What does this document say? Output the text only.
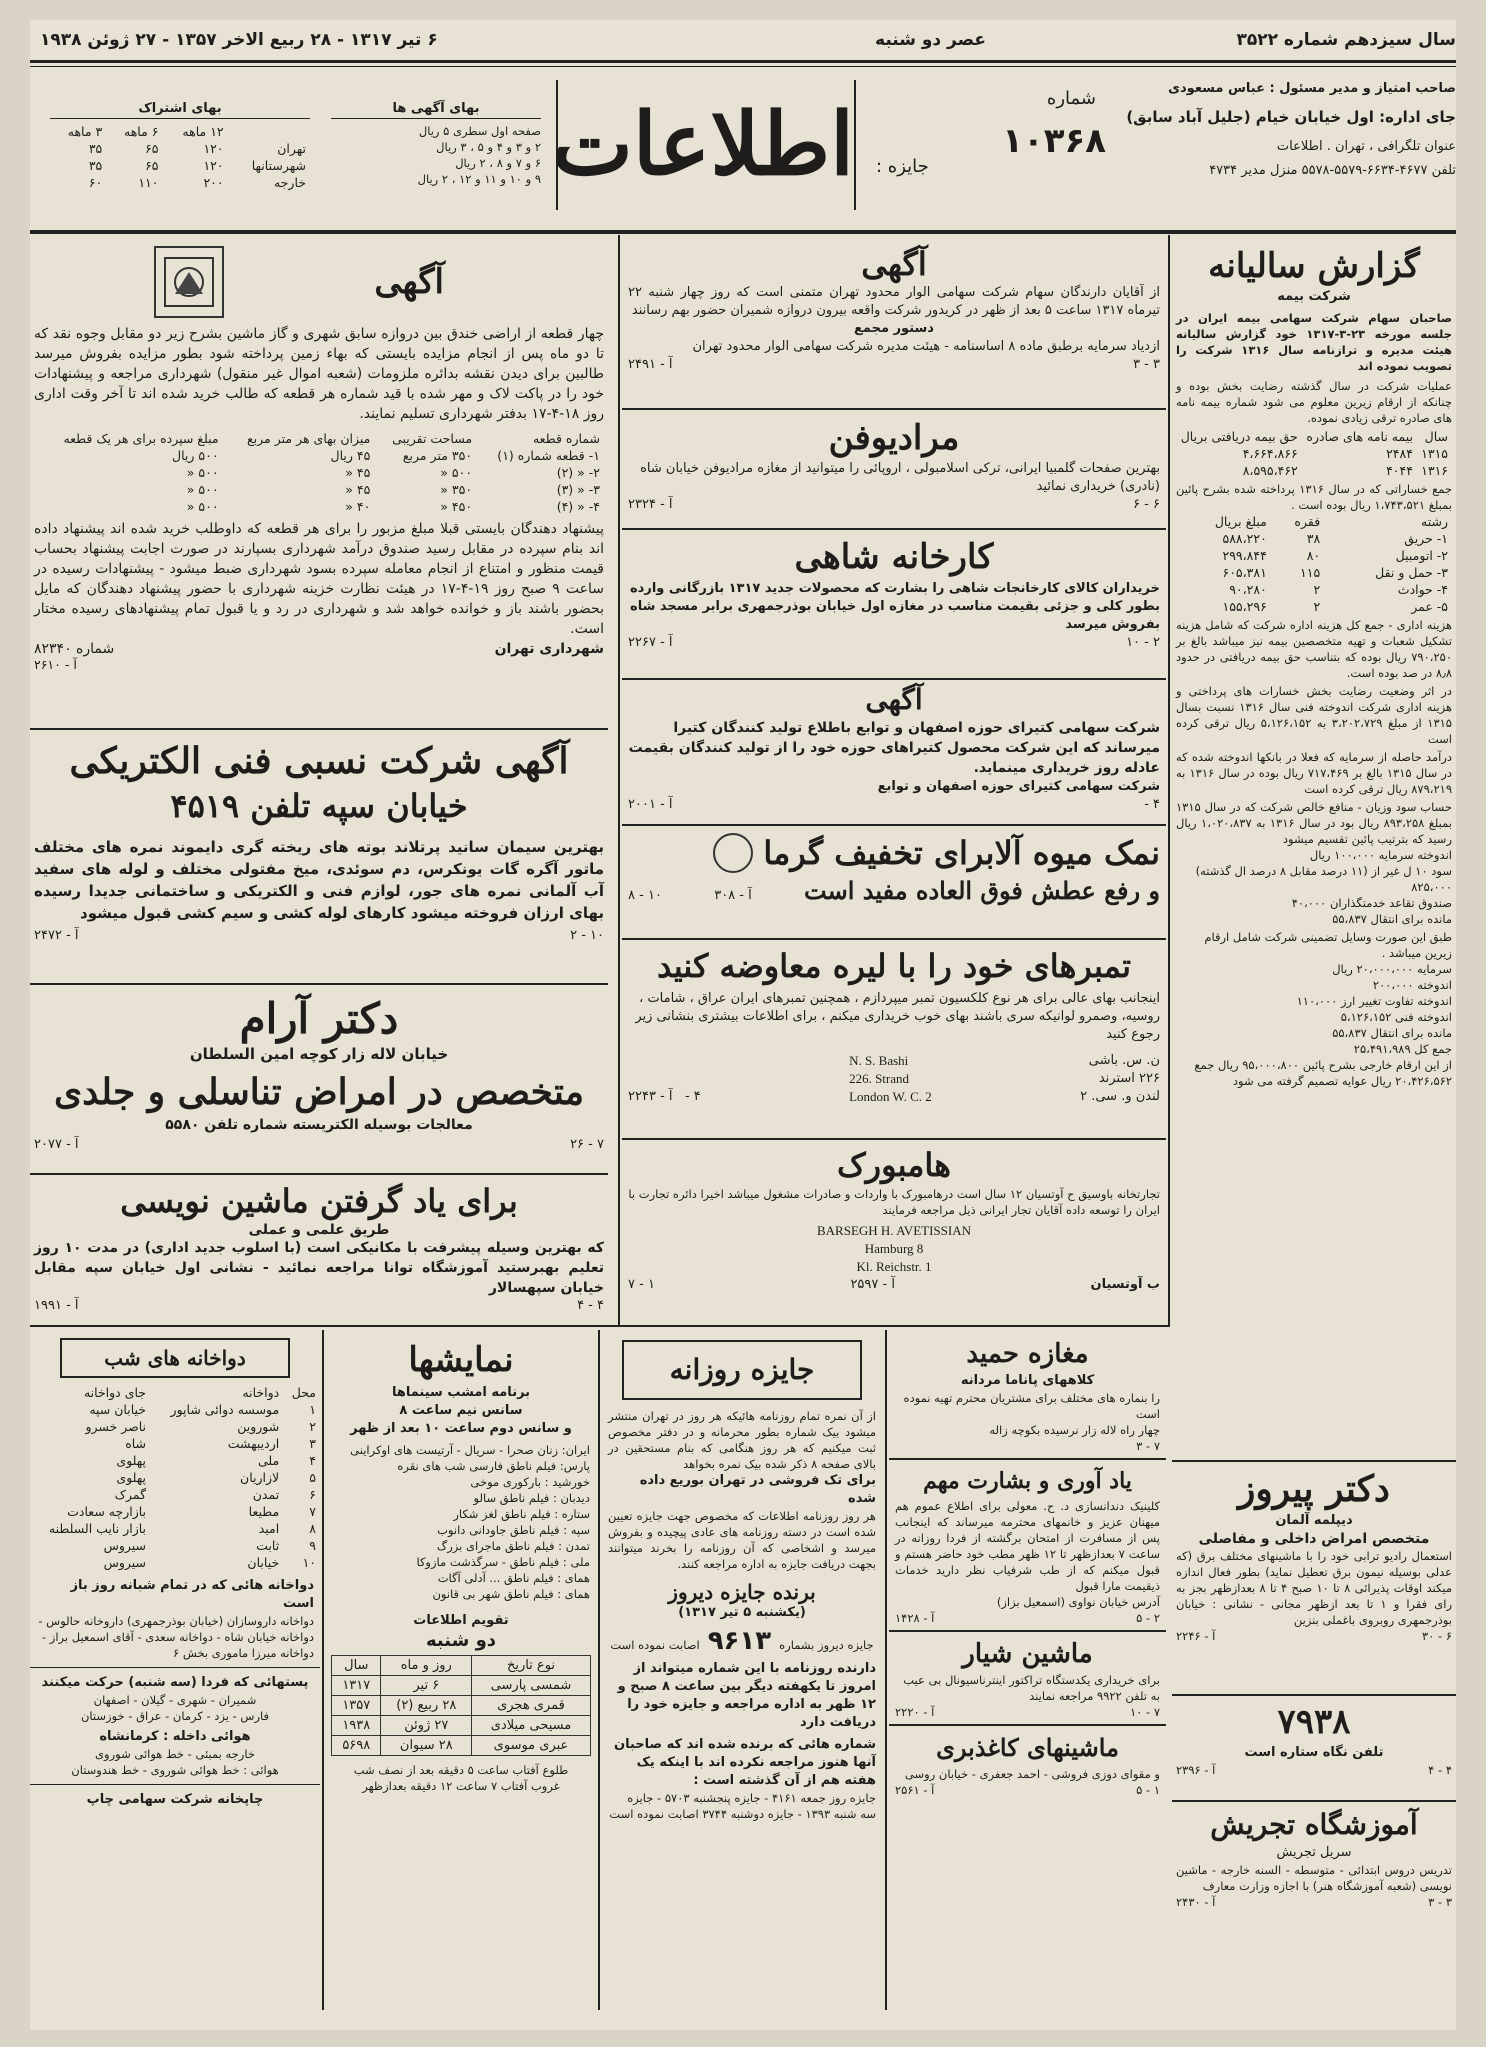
سال سیزدهم شماره ۳۵۲۲
عصر دو شنبه
۶ تیر ۱۳۱۷ - ۲۸ ربیع الاخر ۱۳۵۷ - ۲۷ ژوئن ۱۹۳۸
صاحب امتیاز و مدیر مسئول : عباس مسعودی
جای اداره: اول خیابان خیام (جلیل آباد سابق)
عنوان تلگرافی ، تهران . اطلاعات
تلفن ۴۶۷۷-۶۶۳۴-۵۵۷۹-۵۵۷۸ منزل مدیر ۴۷۳۴
شماره
۱۰۳۶۸
جایزه :
اطلاعات
بهای آگهی ها
صفحه اول سطری ۵ ریال
۲ و ۳ و ۴ و ۵ ، ۳ ریال
۶ و ۷ و ۸ ، ۲ ریال
۹ و ۱۰ و ۱۱ و ۱۲ ، ۲ ریال
بهای اشتراک
	۱۲ ماهه	۶ ماهه	۳ ماهه
تهران	۱۲۰	۶۵	۳۵
شهرستانها	۱۲۰	۶۵	۳۵
خارجه	۲۰۰	۱۱۰	۶۰
آگهی
چهار قطعه از اراضی خندق بین دروازه سابق شهری و گاز ماشین بشرح زیر دو مقابل وجوه نقد که تا دو ماه پس از انجام مزایده بایستی که بهاء زمین پرداخته شود بطور مزایده بفروش میرسد طالبین برای دیدن نقشه بدائره ملزومات (شعبه اموال غیر منقول) شهرداری مراجعه و پیشنهادات خود را در پاکت لاک و مهر شده با قید شماره هر قطعه که طالب خرید شده اند تا آخر وقت اداری روز ۱۸-۴-۱۷ بدفتر شهرداری تسلیم نمایند.
شماره قطعه	مساحت تقریبی	میزان بهای هر متر مربع	مبلغ سپرده برای هر یک قطعه
۱- قطعه شماره (۱)	۳۵۰ متر مربع	۴۵ ریال	۵۰۰ ریال
۲- « (۲)	۵۰۰ «	۴۵ «	۵۰۰ «
۳- « (۳)	۳۵۰ «	۴۵ «	۵۰۰ «
۴- « (۴)	۴۵۰ «	۴۰ «	۵۰۰ «
پیشنهاد دهندگان بایستی قبلا مبلغ مزبور را برای هر قطعه که داوطلب خرید شده اند پیشنهاد داده اند بنام سپرده در مقابل رسید صندوق درآمد شهرداری بسپارند در صورت اجابت پیشنهاد بحساب قیمت منظور و امتناع از انجام معامله سپرده بسود شهرداری ضبط میشود - پیشنهادات رسیده در ساعت ۹ صبح روز ۱۹-۴-۱۷ در هیئت نظارت خزینه شهرداری با حضور پیشنهاد دهندگان که مایل بحضور باشند باز و خوانده خواهد شد و شهرداری در رد و یا قبول تمام پیشنهادهای رسیده مختار است.
شهرداری تهران
شماره ۸۲۳۴۰
آ - ۲۶۱۰
آگهی شرکت نسبی فنی الکتریکی
خیابان سپه تلفن ۴۵۱۹
بهترین سیمان سانید پرتلاند بوته های ریخته گری دایموند نمره های مختلف ماتور آگره گات یونکرس، دم سوئدی، میخ مفتولی مختلف و لوله های سفید آب آلمانی نمره های جور، لوازم فنی و الکتریکی و ساختمانی جدیدا رسیده بهای ارزان فروخته میشود کارهای لوله کشی و سیم کشی قبول میشود
۱۰ - ۲
آ - ۲۴۷۲
دکتر آرام
خیابان لاله زار کوچه امین السلطان
متخصص در امراض تناسلی و جلدی
معالجات بوسیله الکتریسته شماره تلفن ۵۵۸۰
۷ - ۲۶
آ - ۲۰۷۷
برای یاد گرفتن ماشین نویسی
طریق علمی و عملی
که بهترین وسیله پیشرفت با مکانیکی است (با اسلوب جدید اداری) در مدت ۱۰ روز تعلیم بهبرستید آموزشگاه توانا مراجعه نمائید - نشانی اول خیابان سپه مقابل خیابان سپهسالار
۴ - ۴
آ - ۱۹۹۱
آگهی
از آقایان دارندگان سهام شرکت سهامی الوار محدود تهران متمنی است که روز چهار شنبه ۲۲ تیرماه ۱۳۱۷ ساعت ۵ بعد از ظهر در کریدور شرکت واقعه بیرون دروازه شمیران حضور بهم رسانند
دستور مجمع
ازدیاد سرمایه برطبق ماده ۸ اساسنامه - هیئت مدیره شرکت سهامی الوار محدود تهران
۳ - ۳
آ - ۲۴۹۱
مرادیوفن
بهترین صفحات گلمبیا ایرانی، ترکی اسلامبولی ، اروپائی را میتوانید از مغازه مرادیوفن خیابان شاه (نادری) خریداری نمائید
۶ - ۶
آ - ۲۳۲۴
کارخانه شاهی
خریداران کالای کارخانجات شاهی را بشارت که محصولات جدید ۱۳۱۷ بازرگانی وارده بطور کلی و جزئی بقیمت مناسب در مغازه اول خیابان بوذرجمهری برابر مسجد شاه بفروش میرسد
۲ - ۱۰
آ - ۲۲۶۷
آگهی
شرکت سهامی کتیرای حوزه اصفهان و توابع باطلاع تولید کنندگان کتیرا میرساند که این شرکت محصول کتیراهای حوزه خود را از تولید کنندگان بقیمت عادله روز خریداری مینماید.
شرکت سهامی کتیرای حوزه اصفهان و توابع
۴ -
آ - ۲۰۰۱
نمک میوه آلابرای تخفیف گرما
و رفع عطش فوق العاده مفید است
آ - ۳۰۸
۱۰ - ۸
تمبرهای خود را با لیره معاوضه کنید
اینجانب بهای عالی برای هر نوع کلکسیون تمبر میپردازم ، همچنین تمبرهای ایران عراق ، شامات ، روسیه، وصمرو لوانیکه سری باشند بهای خوب خریداری میکنم ، برای اطلاعات بیشتری بنشانی زیر رجوع کنید
ن. س. باشی
۲۲۶ استرند
لندن و. سی. ۲
N. S. Bashi
226. Strand
London W. C. 2
۴ -   آ - ۲۲۴۳
هامبورک
تجارتخانه باوسیق ح آوتسیان ۱۲ سال است درهامبورک با واردات و صادرات مشغول میباشد اخیرا دائره تجارت با ایران را توسعه داده آقایان تجار ایرانی ذیل مراجعه فرمایند
BARSEGH H. AVETISSIAN
Hamburg 8
Kl. Reichstr. 1
ب آوتسیان
آ - ۲۵۹۷
۱ - ۷
گزارش سالیانه
شرکت بیمه
صاحبان سهام شرکت سهامی بیمه ایران در جلسه مورخه ۲۳-۳-۱۳۱۷ خود گزارش سالیانه هیئت مدیره و ترازنامه سال ۱۳۱۶ شرکت را تصویب نموده اند
عملیات شرکت در سال گذشته رضایت بخش بوده و چنانکه از ارقام زیرین معلوم می شود شماره بیمه نامه های صادره ترقی زیادی نموده.
سال	بیمه نامه های صادره	حق بیمه دریافتی بریال
۱۳۱۵	۲۴۸۴	۴،۶۶۴،۸۶۶
۱۳۱۶	۴۰۴۴	۸،۵۹۵،۴۶۲
جمع خساراتی که در سال ۱۳۱۶ پرداخته شده بشرح پائین بمبلغ ۱،۷۴۳،۵۲۱ ریال بوده است .
رشته	فقره	مبلغ بریال
۱- حریق	۳۸	۵۸۸،۲۲۰
۲- اتومبیل	۸۰	۲۹۹،۸۴۴
۳- حمل و نقل	۱۱۵	۶۰۵،۳۸۱
۴- حوادث	۲	۹۰،۲۸۰
۵- عمر	۲	۱۵۵،۲۹۶
هزینه اداری - جمع کل هزینه اداره شرکت که شامل هزینه تشکیل شعبات و تهیه متخصصین بیمه نیز میباشد بالغ بر ۷۹۰،۲۵۰ ریال بوده که بتناسب حق بیمه دریافتی در حدود ۸٫۸ در صد بوده است.
در اثر وضعیت رضایت بخش خسارات های پرداختی و هزینه اداری شرکت اندوخته فنی سال ۱۳۱۶ نسبت بسال ۱۳۱۵ از مبلغ ۳،۲۰۲،۷۲۹ به ۵،۱۲۶،۱۵۲ ریال ترقی کرده است
درآمد حاصله از سرمایه که فعلا در بانکها اندوخته شده که در سال ۱۳۱۵ بالغ بر ۷۱۷،۴۶۹ ریال بوده در سال ۱۳۱۶ به ۸۷۹،۲۱۹ ریال ترقی کرده است
حساب سود وزیان - منافع خالص شرکت که در سال ۱۳۱۵ بمبلغ ۸۹۳،۲۵۸ ریال بود در سال ۱۳۱۶ به ۱،۰۲۰،۸۳۷ ریال رسید که بترتیب پائین تقسیم میشود
اندوخته سرمایه ۱۰۰،۰۰۰ ریال
سود ۱۰ ل غیر از (۱۱ درصد مقابل ۸ درصد ال گذشته) ۸۲۵،۰۰۰
صندوق تقاعد خدمتگذاران ۴۰،۰۰۰
مانده برای انتقال ۵۵،۸۳۷
طبق این صورت وسایل تضمینی شرکت شامل ارقام زیرین میباشد .
سرمایه ۲۰،۰۰۰،۰۰۰ ریال
اندوخته ۲۰۰،۰۰۰
اندوخته تفاوت تغییر ارز ۱۱۰،۰۰۰
اندوخته فنی ۵،۱۲۶،۱۵۲
مانده برای انتقال ۵۵،۸۳۷
جمع کل ۲۵،۴۹۱،۹۸۹
از این ارقام خارجی بشرح پائین ۹۵،۰۰۰،۸۰۰ ریال جمع ۲۰،۴۲۶،۵۶۲ ریال عوایه تصمیم گرفته می شود
دکتر پیروز
دیپلمه آلمان
متخصص امراض داخلی و مفاصلی
استعمال رادیو ترابی خود را با ماشینهای مختلف برق (که عدلی بوسیله نیمون برق تعطیل نماید) بطور فعال اندازه میکند اوقات پذیرائی ۸ تا ۱۰ صبح ۴ تا ۸ بعدازظهر بجز به رای فقرا و ۱ تا بعد ازظهر مجانی - نشانی : خیابان بوذرجمهری روبروی باغملی بنزین
۶ - ۳۰
آ - ۲۲۴۶
۷۹۳۸
تلفن نگاه ستاره است
۴ - ۴
آ - ۲۳۹۶
آموزشگاه تجریش
سریل تجریش
تدریس دروس ابتدائی - متوسطه - السنه خارجه - ماشین نویسی (شعبه آموزشگاه هنر) با اجازه وزارت معارف
۳ - ۳
آ - ۲۴۳۰
دواخانه های شب
محل	دواخانه	جای دواخانه
۱	موسسه دوائی شاپور	خیابان سپه
۲	شوروین	ناصر خسرو
۳	اردیبهشت	شاه
۴	ملی	پهلوی
۵	لازاریان	پهلوی
۶	تمدن	گمرک
۷	مطیعا	بازارچه سعادت
۸	امید	بازار نایب السلطنه
۹	ثابت	سیروس
۱۰	خیابان	سیروس
دواخانه هائی که در تمام شبانه روز باز است
دواخانه داروسازان (خیابان بوذرجمهری) داروخانه حالوس - دواخانه خیابان شاه - دواخانه سعدی - آقای اسمعیل براز - دواخانه میرزا ماموری بخش ۶
پستهائی که فردا (سه شنبه) حرکت میکنند
شمیران - شهری - گیلان - اصفهان
فارس - یزد - کرمان - عراق - خوزستان
هوائی داخله : کرمانشاه
خارجه بمبئی - خط هوائی شوروی
هوائی : خط هوائی شوروی - خط هندوستان
چاپخانه شرکت سهامی چاپ
نمایشها
برنامه امشب سینماها
سانس نیم ساعت ۸
و سانس دوم ساعت ۱۰ بعد از ظهر
ایران: زنان صحرا - سریال - آرتیست های اوکراینی
پارس: فیلم ناطق فارسی شب های نقره
خورشید : بارکوری موخی
دیدبان : فیلم ناطق سالو
ستاره : فیلم ناطق لغز شکار
سپه : فیلم ناطق جاودانی دانوب
تمدن : فیلم ناطق ماجرای بزرگ
ملی : فیلم ناطق - سرگذشت مازوکا
همای : فیلم ناطق ... آدلی آگات
همای : فیلم ناطق شهر بی قانون
تقویم اطلاعات
دو شنبه
نوع تاریخ	روز و ماه	سال
شمسی پارسی	۶ تیر	۱۳۱۷
قمری هجری	۲۸ ربیع (۲)	۱۳۵۷
مسیحی میلادی	۲۷ ژوئن	۱۹۳۸
عبری موسوی	۲۸ سیوان	۵۶۹۸
طلوع آفتاب ساعت ۵ دقیقه بعد از نصف شب
غروب آفتاب ۷ ساعت ۱۲ دقیقه بعدازظهر
جایزه روزانه
از آن نمره تمام روزنامه هائیکه هر روز در تهران منتشر میشود بیک شماره بطور محرمانه و در دفتر مخصوص ثبت میکنیم که هر روز هنگامی که بنام مستحقین در بالای صفحه ۸ ذکر شده بیک نمره بخواهد
برای تک فروشی در تهران بوریع داده شده
هر روز روزنامه اطلاعات که مخصوص جهت جایزه تعیین شده است در دسته روزنامه های عادی پیچیده و بفروش میرسد و اشخاصی که آن روزنامه را بخرند میتوانند بجهت دریافت جایزه به اداره مراجعه کنند.
برنده جایزه دیروز
(یکشنبه ۵ تیر ۱۳۱۷)
جایزه دیروز بشماره
۹۶۱۳
اصابت نموده است
دارنده روزنامه با این شماره میتواند از امروز تا یکهفته دیگر بین ساعت ۸ صبح و ۱۲ ظهر به اداره مراجعه و جایزه خود را دریافت دارد
شماره هائی که برنده شده اند که صاحبان آنها هنوز مراجعه نکرده اند با اینکه یک هفته هم از آن گذشته است :
جایزه روز جمعه ۴۱۶۱ - جایزه پنجشنبه ۵۷۰۳ - جایزه سه شنبه ۱۳۹۳ - جایزه دوشنبه ۳۷۴۴ اصابت نموده است
مغازه حمید
کلاههای پاناما مردانه
را بنماره های مختلف برای مشتریان محترم تهیه نموده است
چهار راه لاله زار نرسیده بکوچه زاله
۷ - ۳
یاد آوری و بشارت مهم
کلینیک دندانسازی د. ح. معولی برای اطلاع عموم هم میهنان عزیز و خانمهای محترمه میرساند که اینجانب پس از مسافرت از امتحان برگشته از فردا روزانه در ساعت ۷ بعدازظهر تا ۱۲ ظهر مطب خود حاضر هستم و قبول میکنم که از طب شرفیاب نظر دارید خدمات ذیقیمت مارا قبول
آدرس خیابان نواوی (اسمعیل بزاز)
۲ - ۵
آ - ۱۴۲۸
ماشین شیار
برای خریداری یکدستگاه تراکتور اینترناسیونال بی عیب به تلفن ۹۹۲۲ مراجعه نمایند
۷ - ۱۰
آ - ۲۲۲۰
ماشینهای کاغذبری
و مقوای دوزی فروشی - احمد جعفری - خیابان روسی
۱ - ۵
آ - ۲۵۶۱
